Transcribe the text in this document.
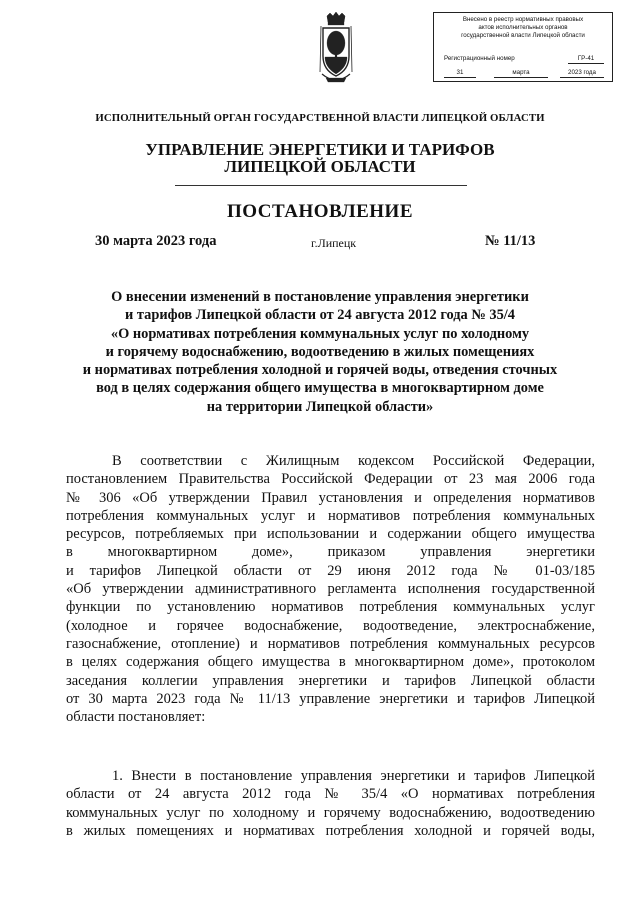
Внесено в реестр нормативных правовых
актов исполнительных органов
государственной власти Липецкой области
Регистрационный номер	ГР-41
31	марта	2023 года
ИСПОЛНИТЕЛЬНЫЙ ОРГАН ГОСУДАРСТВЕННОЙ ВЛАСТИ ЛИПЕЦКОЙ ОБЛАСТИ
УПРАВЛЕНИЕ ЭНЕРГЕТИКИ И ТАРИФОВ
ЛИПЕЦКОЙ ОБЛАСТИ
ПОСТАНОВЛЕНИЕ
30 марта 2023 года	г.Липецк	№ 11/13
О внесении изменений в постановление управления энергетики
и тарифов Липецкой области от 24 августа 2012 года № 35/4
«О нормативах потребления коммунальных услуг по холодному
и горячему водоснабжению, водоотведению в жилых помещениях
и нормативах потребления холодной и горячей воды, отведения сточных
вод в целях содержания общего имущества в многоквартирном доме
на территории Липецкой области»
В соответствии с Жилищным кодексом Российской Федерации,
постановлением Правительства Российской Федерации от 23 мая 2006 года
№ 306 «Об утверждении Правил установления и определения нормативов
потребления коммунальных услуг и нормативов потребления коммунальных
ресурсов, потребляемых при использовании и содержании общего имущества
в многоквартирном доме», приказом управления энергетики
и тарифов Липецкой области от 29 июня 2012 года № 01-03/185
«Об утверждении административного регламента исполнения государственной
функции по установлению нормативов потребления коммунальных услуг
(холодное и горячее водоснабжение, водоотведение, электроснабжение,
газоснабжение, отопление) и нормативов потребления коммунальных ресурсов
в целях содержания общего имущества в многоквартирном доме», протоколом
заседания коллегии управления энергетики и тарифов Липецкой области
от 30 марта 2023 года № 11/13 управление энергетики и тарифов Липецкой
области постановляет:
1. Внести в постановление управления энергетики и тарифов Липецкой
области от 24 августа 2012 года № 35/4 «О нормативах потребления
коммунальных услуг по холодному и горячему водоснабжению, водоотведению
в жилых помещениях и нормативах потребления холодной и горячей воды,
